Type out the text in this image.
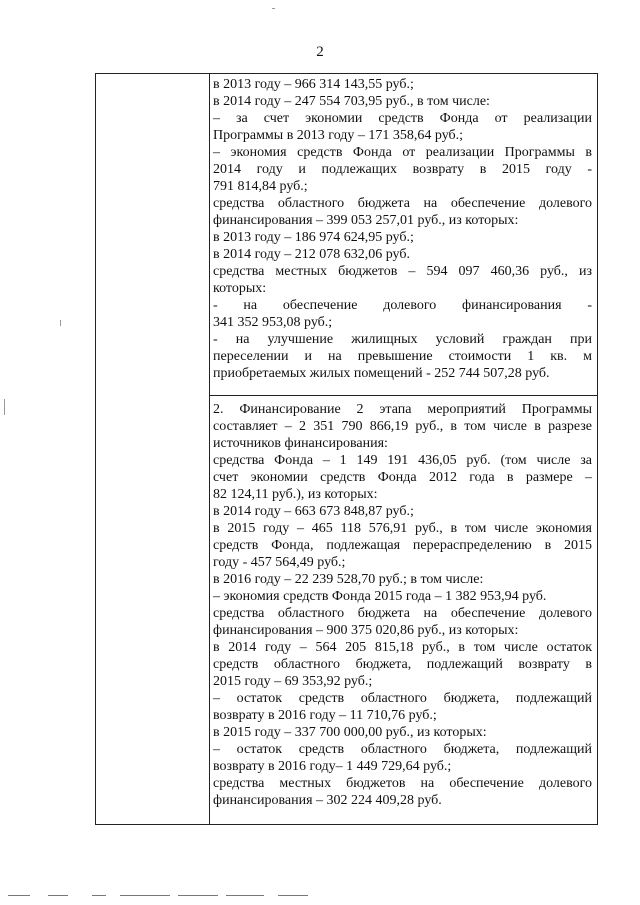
2
в 2013 году – 966 314 143,55 руб.;
в 2014 году – 247 554 703,95 руб., в том числе:
– за счет экономии средств Фонда от реализации
Программы в 2013 году – 171 358,64 руб.;
– экономия средств Фонда от реализации Программы в
2014 году и подлежащих возврату в 2015 году -
791 814,84 руб.;
средства областного бюджета на обеспечение долевого
финансирования – 399 053 257,01 руб., из которых:
в 2013 году – 186 974 624,95 руб.;
в 2014 году – 212 078 632,06 руб.
средства местных бюджетов – 594 097 460,36 руб., из
которых:
- на обеспечение долевого финансирования -
341 352 953,08 руб.;
- на улучшение жилищных условий граждан при
переселении и на превышение стоимости 1 кв. м
приобретаемых жилых помещений - 252 744 507,28 руб.
2. Финансирование 2 этапа мероприятий Программы
составляет – 2 351 790 866,19 руб., в том числе в разрезе
источников финансирования:
средства Фонда – 1 149 191 436,05 руб. (том числе за
счет экономии средств Фонда 2012 года в размере –
82 124,11 руб.), из которых:
в 2014 году – 663 673 848,87 руб.;
в 2015 году – 465 118 576,91 руб., в том числе экономия
средств Фонда, подлежащая перераспределению в 2015
году - 457 564,49 руб.;
в 2016 году – 22 239 528,70 руб.; в том числе:
– экономия средств Фонда 2015 года – 1 382 953,94 руб.
средства областного бюджета на обеспечение долевого
финансирования – 900 375 020,86 руб., из которых:
в 2014 году – 564 205 815,18 руб., в том числе остаток
средств областного бюджета, подлежащий возврату в
2015 году – 69 353,92 руб.;
– остаток средств областного бюджета, подлежащий
возврату в 2016 году – 11 710,76 руб.;
в 2015 году – 337 700 000,00 руб., из которых:
– остаток средств областного бюджета, подлежащий
возврату в 2016 году– 1 449 729,64 руб.;
средства местных бюджетов на обеспечение долевого
финансирования – 302 224 409,28 руб.
